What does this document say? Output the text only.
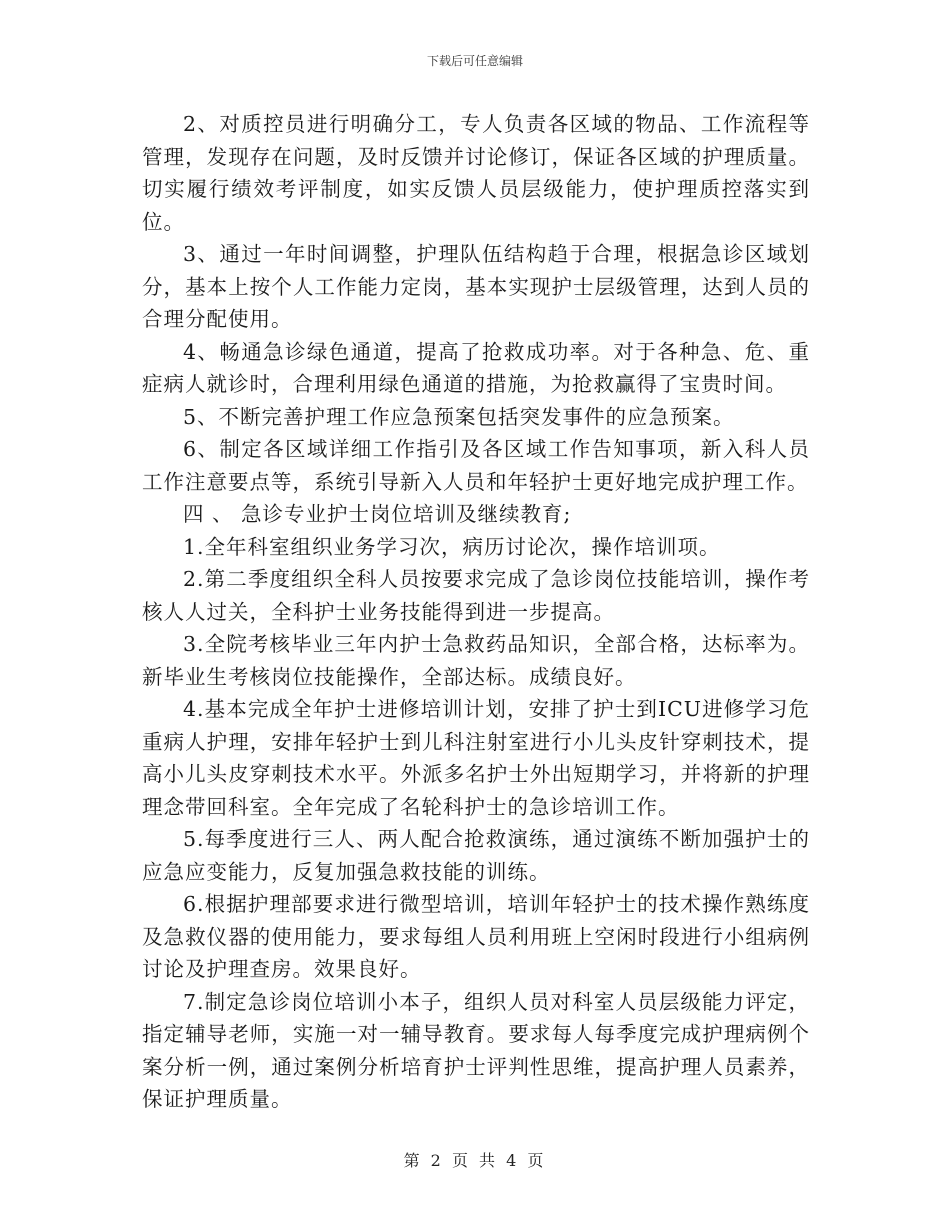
下载后可任意编辑

2、对质控员进行明确分工，专人负责各区域的物品、工作流程等管理，发现存在问题，及时反馈并讨论修订，保证各区域的护理质量。切实履行绩效考评制度，如实反馈人员层级能力，使护理质控落实到位。

3、通过一年时间调整，护理队伍结构趋于合理，根据急诊区域划分，基本上按个人工作能力定岗，基本实现护士层级管理，达到人员的合理分配使用。

4、畅通急诊绿色通道，提高了抢救成功率。对于各种急、危、重症病人就诊时，合理利用绿色通道的措施，为抢救赢得了宝贵时间。

5、不断完善护理工作应急预案包括突发事件的应急预案。

6、制定各区域详细工作指引及各区域工作告知事项，新入科人员工作注意要点等，系统引导新入人员和年轻护士更好地完成护理工作。

四 、 急诊专业护士岗位培训及继续教育;

1.全年科室组织业务学习次，病历讨论次，操作培训项。

2.第二季度组织全科人员按要求完成了急诊岗位技能培训，操作考核人人过关，全科护士业务技能得到进一步提高。

3.全院考核毕业三年内护士急救药品知识，全部合格，达标率为。新毕业生考核岗位技能操作，全部达标。成绩良好。

4.基本完成全年护士进修培训计划，安排了护士到ICU进修学习危重病人护理，安排年轻护士到儿科注射室进行小儿头皮针穿刺技术，提高小儿头皮穿刺技术水平。外派多名护士外出短期学习，并将新的护理理念带回科室。全年完成了名轮科护士的急诊培训工作。

5.每季度进行三人、两人配合抢救演练，通过演练不断加强护士的应急应变能力，反复加强急救技能的训练。

6.根据护理部要求进行微型培训，培训年轻护士的技术操作熟练度及急救仪器的使用能力，要求每组人员利用班上空闲时段进行小组病例讨论及护理查房。效果良好。

7.制定急诊岗位培训小本子，组织人员对科室人员层级能力评定，指定辅导老师，实施一对一辅导教育。要求每人每季度完成护理病例个案分析一例，通过案例分析培育护士评判性思维，提高护理人员素养，保证护理质量。

第 2 页 共 4 页
